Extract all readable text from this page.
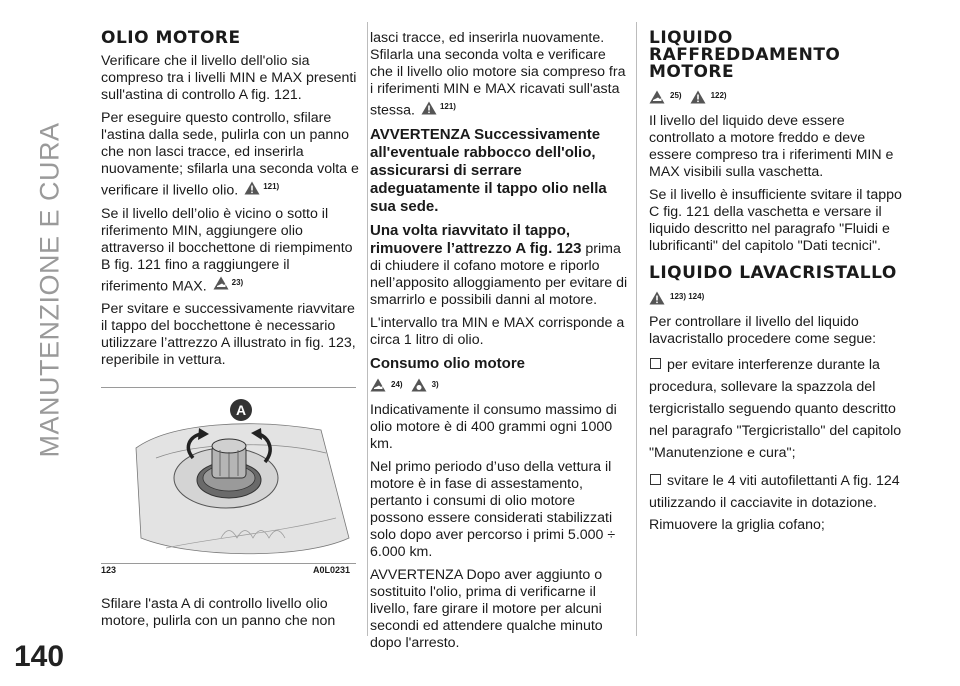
MANUTENZIONE E CURA
140
OLIO MOTORE

Verificare che il livello dell'olio sia compreso tra i livelli MIN e MAX presenti sull'astina di controllo A fig. 121.

Per eseguire questo controllo, sfilare l'astina dalla sede, pulirla con un panno che non lasci tracce, ed inserirla nuovamente; sfilarla una seconda volta e verificare il livello olio.	$^{121)}$

Se il livello dell’olio è vicino o sotto il riferimento MIN, aggiungere olio attraverso il bocchettone di riempimento B fig. 121 fino a raggiungere il riferimento MAX.	$^{23)}$

Per svitare e successivamente riavvitare il tappo del bocchettone è necessario utilizzare l’attrezzo A illustrato in fig. 123, reperibile in vettura.

A
123	A0L0231

Sfilare l'asta A di controllo livello olio motore, pulirla con un panno che non

lasci tracce, ed inserirla nuovamente. Sfilarla una seconda volta e verificare che il livello olio motore sia compreso fra i riferimenti MIN e MAX ricavati sull'asta stessa.	$^{121)}$

AVVERTENZA Successivamente all'eventuale rabbocco dell'olio, assicurarsi di serrare adeguatamente il tappo olio nella sua sede.

Una volta riavvitato il tappo, rimuovere l’attrezzo A fig. 123 prima di chiudere il cofano motore e riporlo nell’apposito alloggiamento per evitare di smarrirlo e possibili danni al motore.

L'intervallo tra MIN e MAX corrisponde a circa 1 litro di olio.

Consumo olio motore
$^{24)}$	$^{3)}$

Indicativamente il consumo massimo di olio motore è di 400 grammi ogni 1000 km.

Nel primo periodo d’uso della vettura il motore è in fase di assestamento, pertanto i consumi di olio motore possono essere considerati stabilizzati solo dopo aver percorso i primi 5.000 ÷ 6.000 km.

AVVERTENZA Dopo aver aggiunto o sostituito l'olio, prima di verificarne il livello, fare girare il motore per alcuni secondi ed attendere qualche minuto dopo l'arresto.

LIQUIDO RAFFREDDAMENTO MOTORE
$^{25)}$	$^{122)}$

Il livello del liquido deve essere controllato a motore freddo e deve essere compreso tra i riferimenti MIN e MAX visibili sulla vaschetta.

Se il livello è insufficiente svitare il tappo C fig. 121 della vaschetta e versare il liquido descritto nel paragrafo "Fluidi e lubrificanti" del capitolo "Dati tecnici".

LIQUIDO LAVACRISTALLO
$^{123) 124)}$

Per controllare il livello del liquido lavacristallo procedere come segue:

per evitare interferenze durante la procedura, sollevare la spazzola del tergicristallo seguendo quanto descritto nel paragrafo "Tergicristallo" del capitolo "Manutenzione e cura";

svitare le 4 viti autofilettanti A fig. 124 utilizzando il cacciavite in dotazione. Rimuovere la griglia cofano;
